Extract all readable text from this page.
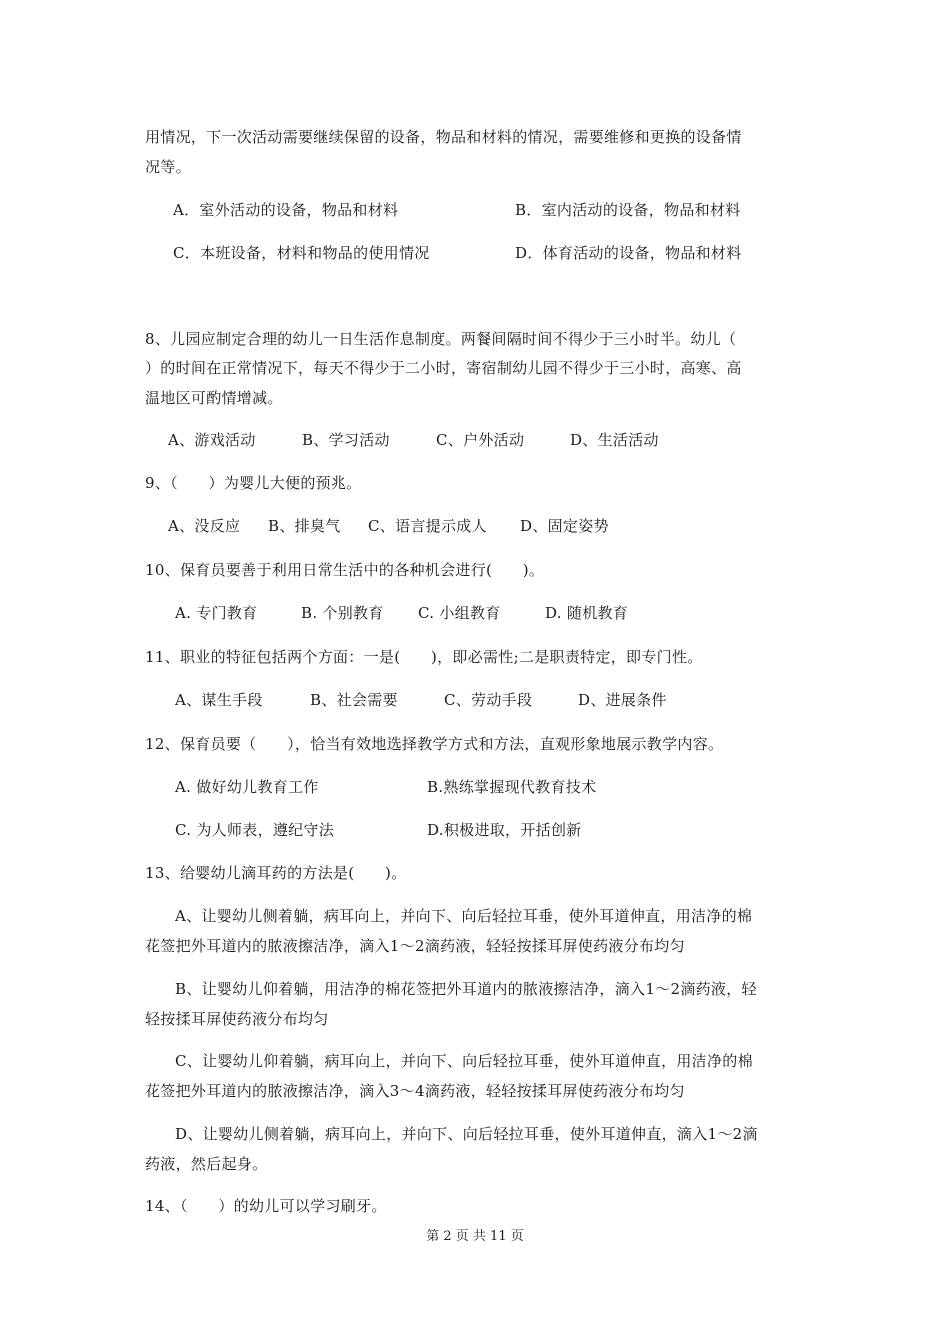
用情况，下一次活动需要继续保留的设备，物品和材料的情况，需要维修和更换的设备情
况等。
A．室外活动的设备，物品和材料	B．室内活动的设备，物品和材料
C．本班设备，材料和物品的使用情况	D．体育活动的设备，物品和材料
8、儿园应制定合理的幼儿一日生活作息制度。两餐间隔时间不得少于三小时半。幼儿（
）的时间在正常情况下，每天不得少于二小时，寄宿制幼儿园不得少于三小时，高寒、高
温地区可酌情增减。
A、游戏活动	B、学习活动	C、户外活动	D、生活活动
9、（　　）为婴儿大便的预兆。
A、没反应 B、排臭气 C、语言提示成人 D、固定姿势
10、保育员要善于利用日常生活中的各种机会进行(　　)。
A. 专门教育	B. 个别教育 C. 小组教育	D. 随机教育
11、职业的特征包括两个方面：一是(　　)，即必需性;二是职责特定，即专门性。
A、谋生手段	B、社会需要	C、劳动手段	D、进展条件
12、保育员要（　　），恰当有效地选择教学方式和方法，直观形象地展示教学内容。
A. 做好幼儿教育工作	B.熟练掌握现代教育技术
C. 为人师表，遵纪守法	D.积极进取，开括创新
13、给婴幼儿滴耳药的方法是(　　)。
A、让婴幼儿侧着躺，病耳向上，并向下、向后轻拉耳垂，使外耳道伸直，用洁净的棉
花签把外耳道内的脓液擦洁净，滴入1～2滴药液，轻轻按揉耳屏使药液分布均匀
B、让婴幼儿仰着躺，用洁净的棉花签把外耳道内的脓液擦洁净，滴入1～2滴药液，轻
轻按揉耳屏使药液分布均匀
C、让婴幼儿仰着躺，病耳向上，并向下、向后轻拉耳垂，使外耳道伸直，用洁净的棉
花签把外耳道内的脓液擦洁净，滴入3～4滴药液，轻轻按揉耳屏使药液分布均匀
D、让婴幼儿侧着躺，病耳向上，并向下、向后轻拉耳垂，使外耳道伸直，滴入1～2滴
药液，然后起身。
14、（　　）的幼儿可以学习刷牙。
第 2 页 共 11 页
